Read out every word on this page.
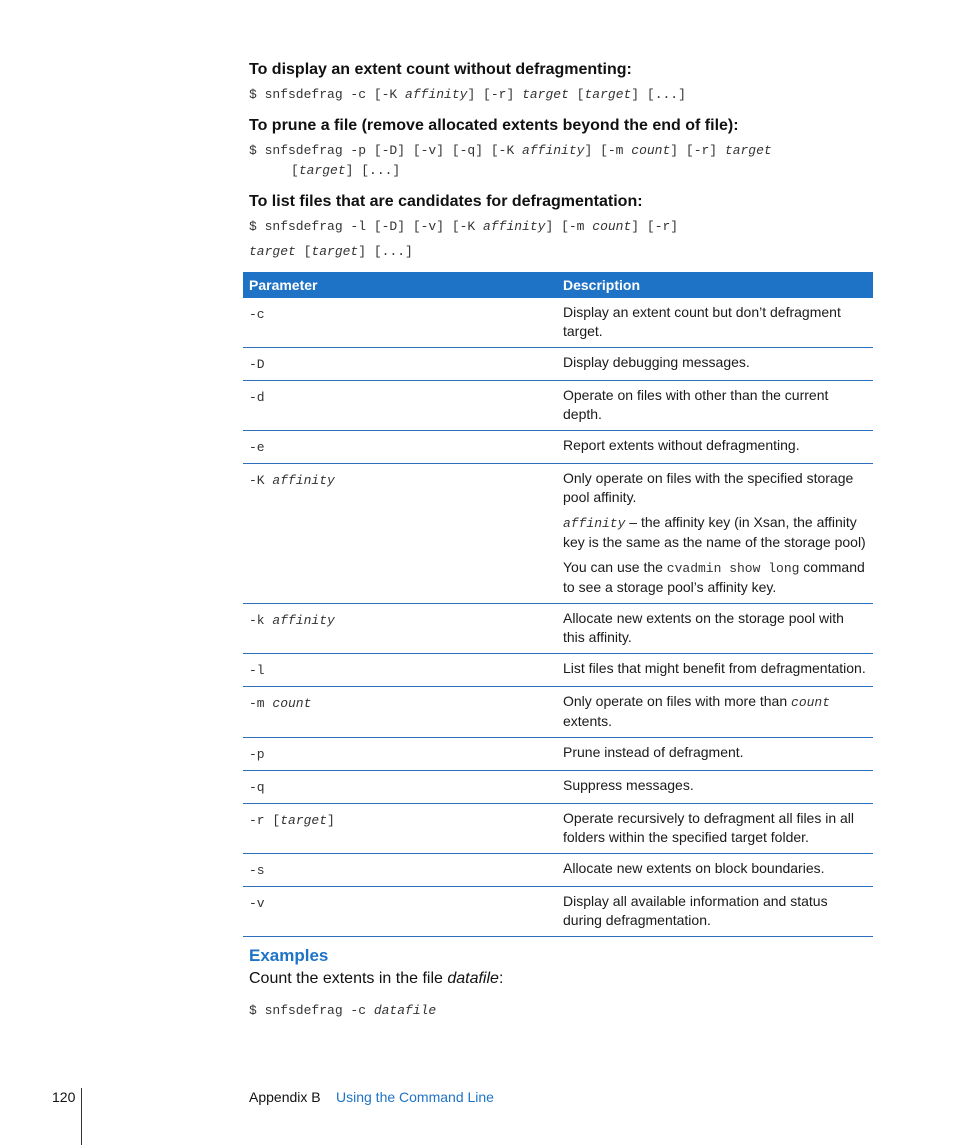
To display an extent count without defragmenting:
$ snfsdefrag -c [-K affinity] [-r] target [target] [...]
To prune a file (remove allocated extents beyond the end of file):
$ snfsdefrag -p [-D] [-v] [-q] [-K affinity] [-m count] [-r] target
[target] [...]
To list files that are candidates for defragmentation:
$ snfsdefrag -l [-D] [-v] [-K affinity] [-m count] [-r]
target [target] [...]
Parameter	Description
-c	Display an extent count but don’t defragment target.

-D	Display debugging messages.

-d	Operate on files with other than the current depth.

-e	Report extents without defragmenting.

-K affinity	Only operate on files with the specified storage pool affinity.
affinity – the affinity key (in Xsan, the affinity key is the same as the name of the storage pool)
You can use the cvadmin show long command to see a storage pool’s affinity key.

-k affinity	Allocate new extents on the storage pool with this affinity.

-l	List files that might benefit from defragmentation.

-m count	Only operate on files with more than count extents.

-p	Prune instead of defragment.

-q	Suppress messages.

-r [target]	Operate recursively to defragment all files in all folders within the specified target folder.

-s	Allocate new extents on block boundaries.

-v	Display all available information and status during defragmentation.
Examples
Count the extents in the file datafile:
$ snfsdefrag -c datafile
120	Appendix B Using the Command Line
